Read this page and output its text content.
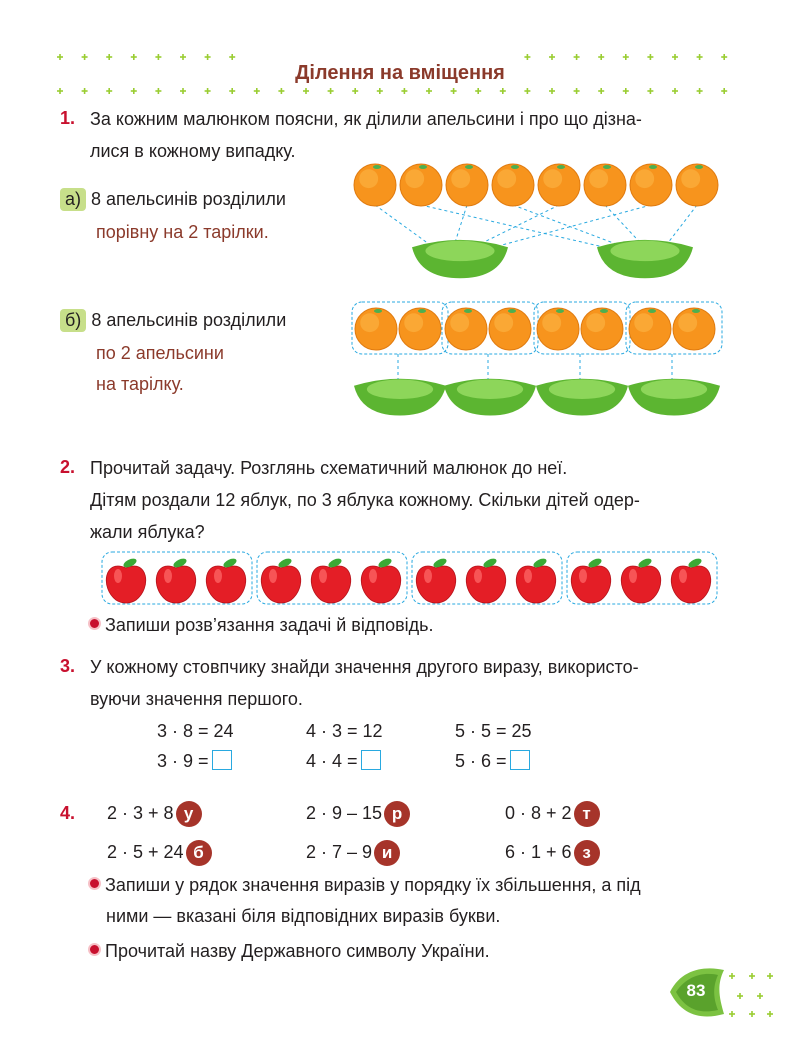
Ділення на вміщення
1. За кожним малюнком поясни, як ділили апельсини і про що дізна-
лися в кожному випадку.
а) 8 апельсинів розділили
порівну на 2 тарілки.
б) 8 апельсинів розділили
по 2 апельсини
на тарілку.
2. Прочитай задачу. Розглянь схематичний малюнок до неї.
Дітям роздали 12 яблук, по 3 яблука кожному. Скільки дітей одер-
жали яблука?
Запиши розв’язання задачі й відповідь.
3. У кожному стовпчику знайди значення другого виразу, використо-
вуючи значення першого.
3 · 8 = 24	4 · 3 = 12	5 · 5 = 25
3 · 9 =	4 · 4 =	5 · 6 =
4. 2 · 3 + 8 у	2 · 9 – 15 р	0 · 8 + 2 т
2 · 5 + 24 б	2 · 7 – 9 и	6 · 1 + 6 з
Запиши у рядок значення виразів у порядку їх збільшення, а під
ними — вказані біля відповідних виразів букви.
Прочитай назву Державного символу України.
83
